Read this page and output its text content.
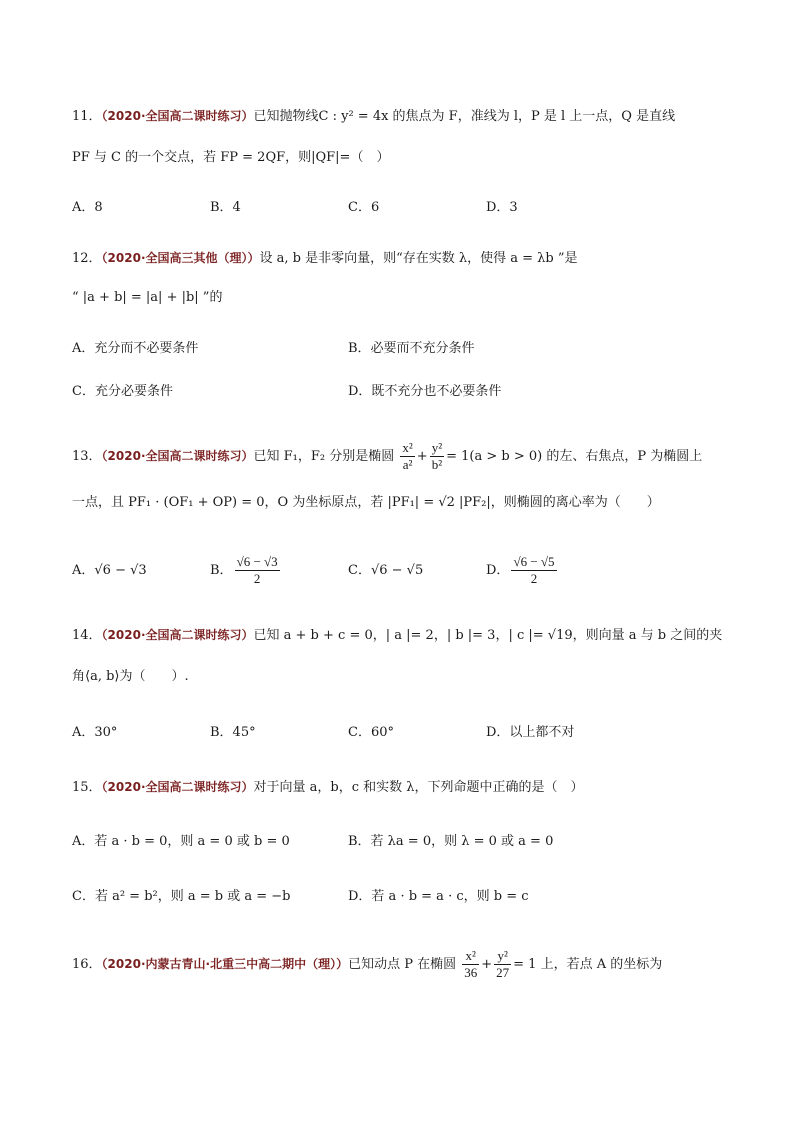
11．（2020·全国高二课时练习）已知抛物线C : y² = 4x 的焦点为 F，准线为 l，P 是 l 上一点，Q 是直线
PF 与 C 的一个交点，若 FP = 2QF，则|QF|=（　）
A．8	B．4	C．6	D．3
12．（2020·全国高三其他（理））设 a, b 是非零向量，则“存在实数 λ，使得 a = λb ”是
“ |a + b| = |a| + |b| ”的
A．充分而不必要条件	B．必要而不充分条件
C．充分必要条件	D．既不充分也不必要条件
13．（2020·全国高二课时练习）已知 F₁，F₂ 分别是椭圆 $\frac{\text{x²}}{\text{a²}} + \frac{\text{y²}}{\text{b²}} = 1(a > b > 0)$ 的左、右焦点，P 为椭圆上
一点，且 PF₁ · (OF₁ + OP) = 0，O 为坐标原点，若 |PF₁| = √2 |PF₂|，则椭圆的离心率为（　　）
A．√6 − √3	B． $\frac{√6 - √3}{2}$	C．√6 − √5	D． $\frac{√6 - √5}{2}$
14．（2020·全国高二课时练习）已知 a + b + c = 0，| a |= 2，| b |= 3，| c |= √19，则向量 a 与 b 之间的夹
角⟨a, b⟩为（　　）.
A．30°	B．45°	C．60°	D．以上都不对
15．（2020·全国高二课时练习）对于向量 a，b，c 和实数 λ，下列命题中正确的是（　）
A．若 a · b = 0，则 a = 0 或 b = 0	B．若 λa = 0，则 λ = 0 或 a = 0
C．若 a² = b²，则 a = b 或 a = −b	D．若 a · b = a · c，则 b = c
16．（2020·内蒙古青山·北重三中高二期中（理））已知动点 P 在椭圆 $\frac{\text{x²}}{36} + \frac{\text{y²}}{27} = 1$ 上，若点 A 的坐标为
